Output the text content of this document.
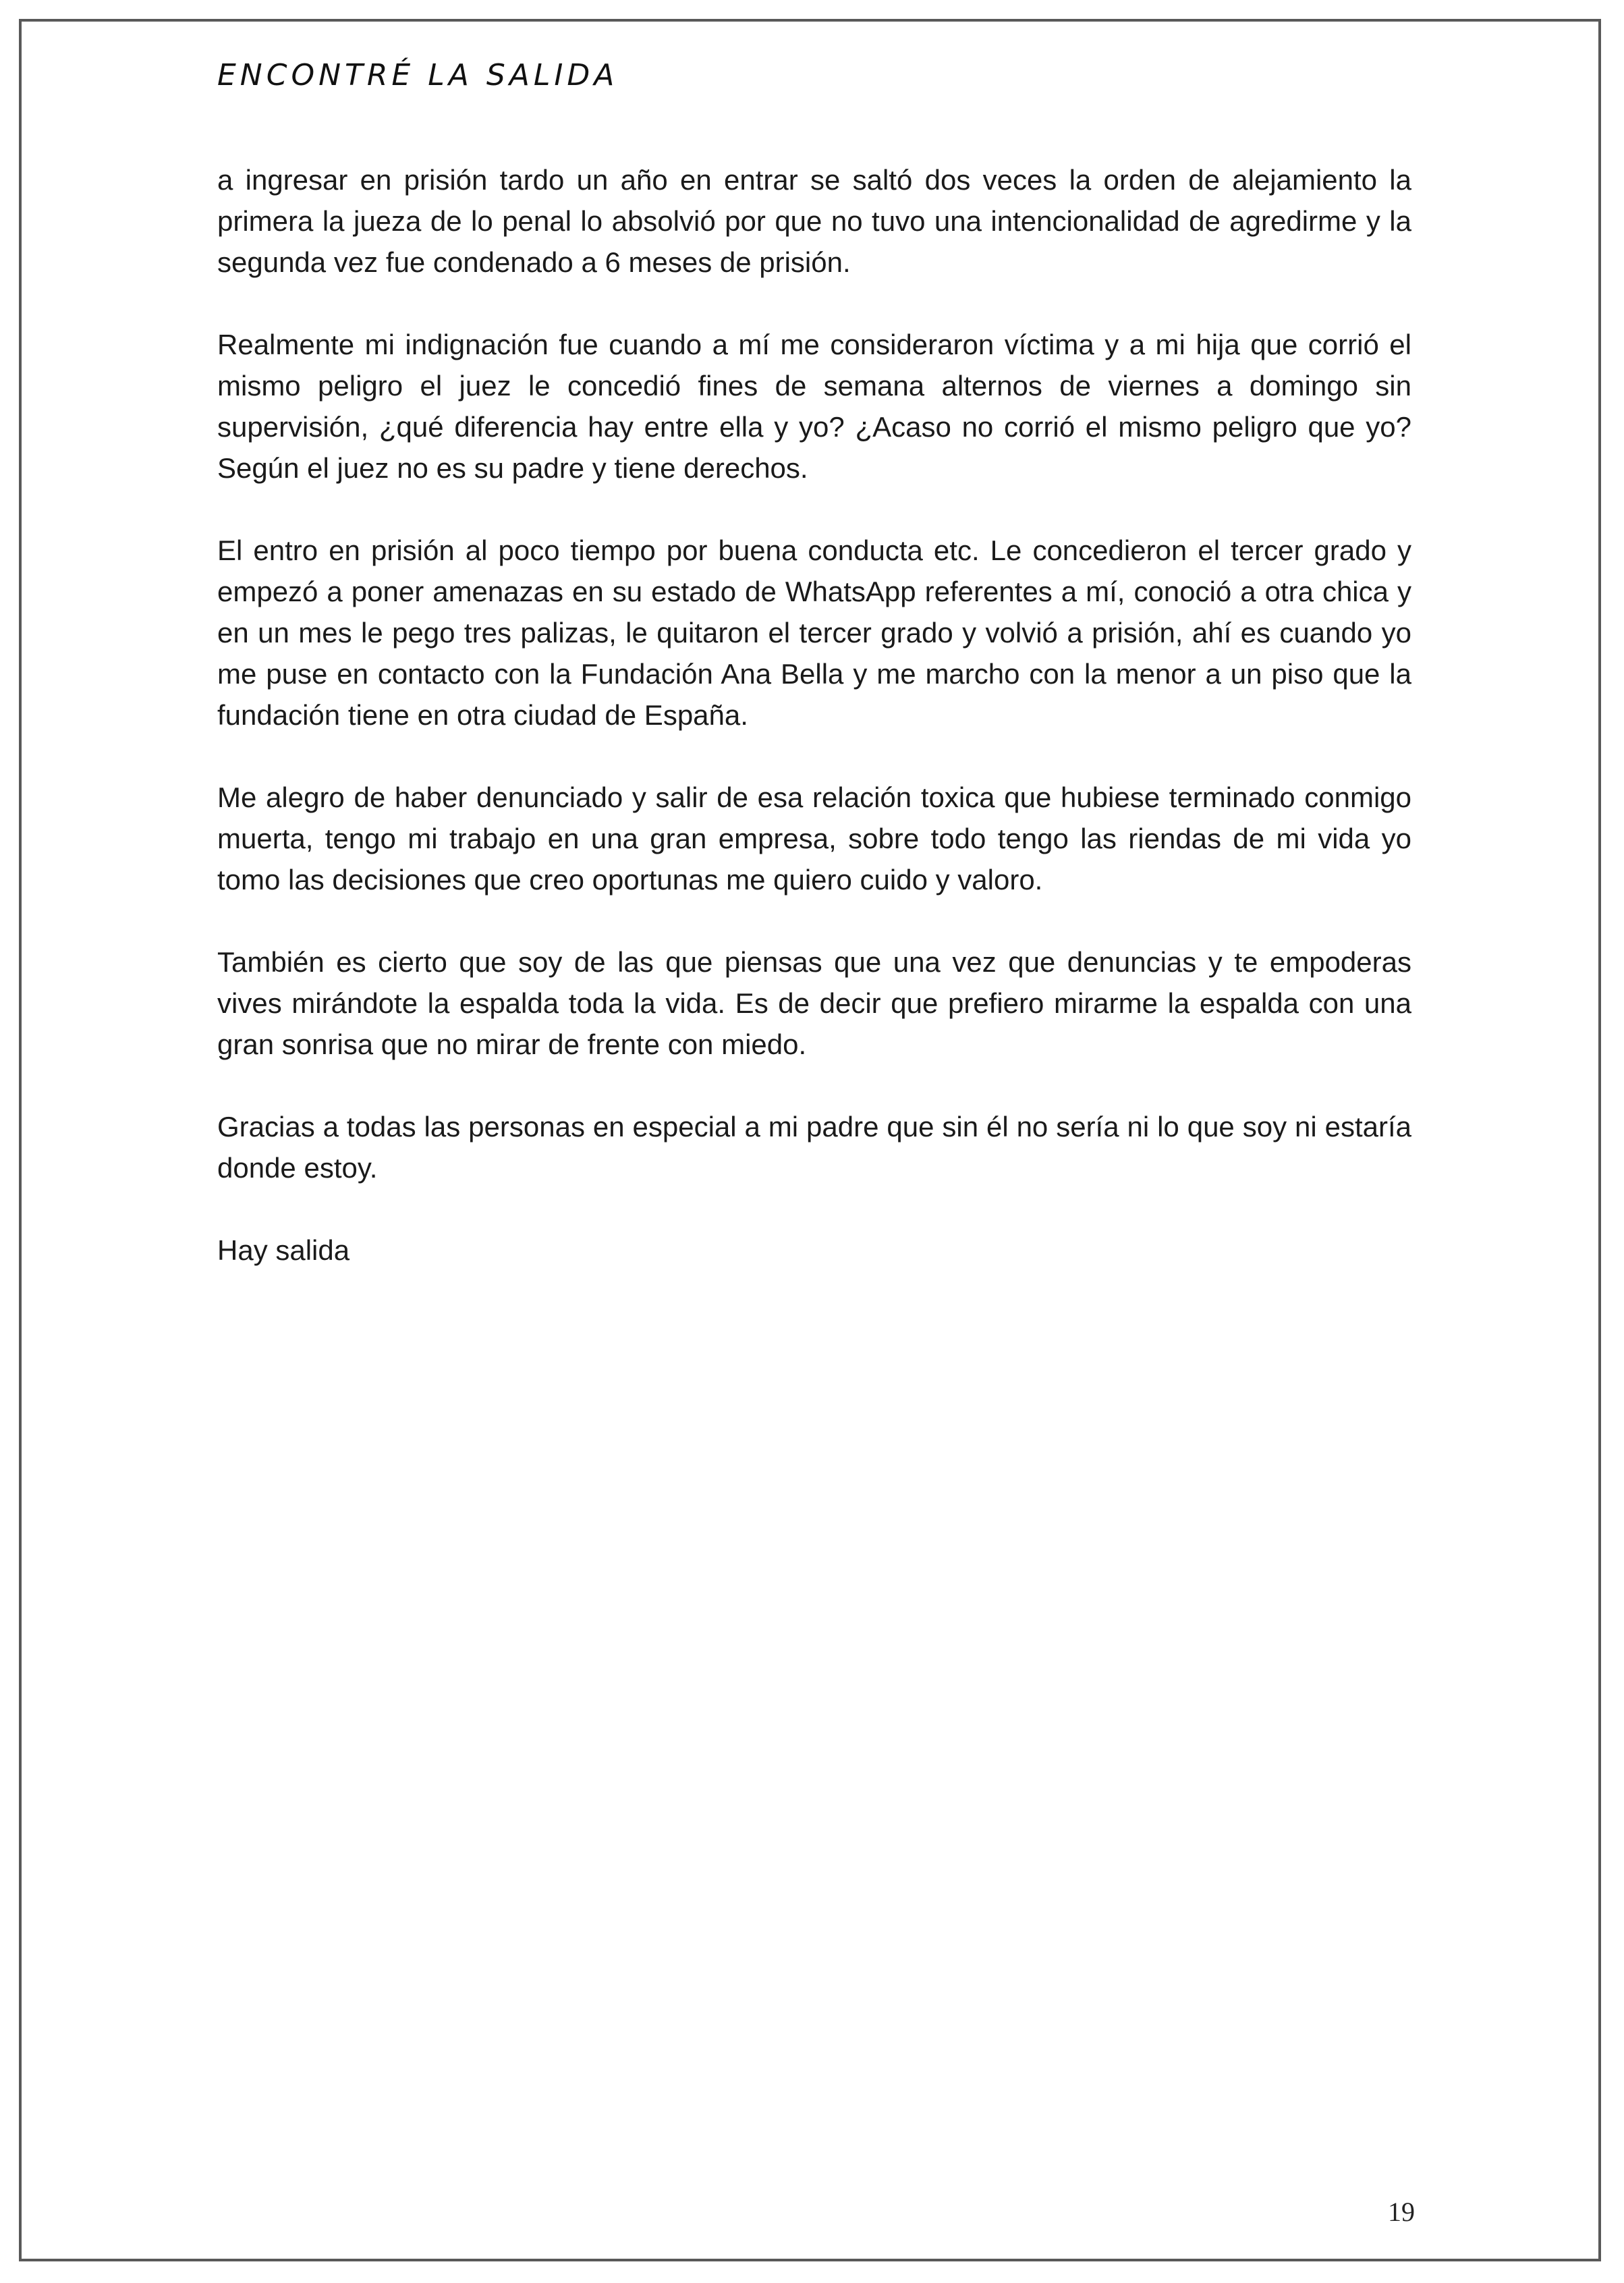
ENCONTRÉ LA SALIDA

a ingresar en prisión tardo un año en entrar se saltó dos veces la orden de alejamiento la primera la jueza de lo penal lo absolvió por que no tuvo una intencionalidad de agredirme y la segunda vez fue condenado a 6 meses de prisión.

Realmente mi indignación fue cuando a mí me consideraron víctima y a mi hija que corrió el mismo peligro el juez le concedió fines de semana alternos de viernes a domingo sin supervisión, ¿qué diferencia hay entre ella y yo? ¿Acaso no corrió el mismo peligro que yo? Según el juez no es su padre y tiene derechos.

El entro en prisión al poco tiempo por buena conducta etc. Le concedieron el tercer grado y empezó a poner amenazas en su estado de WhatsApp referentes a mí, conoció a otra chica y en un mes le pego tres palizas, le quitaron el tercer grado y volvió a prisión, ahí es cuando yo me puse en contacto con la Fundación Ana Bella y me marcho con la menor a un piso que la fundación tiene en otra ciudad de España.

Me alegro de haber denunciado y salir de esa relación toxica que hubiese terminado conmigo muerta, tengo mi trabajo en una gran empresa, sobre todo tengo las riendas de mi vida yo tomo las decisiones que creo oportunas me quiero cuido y valoro.

También es cierto que soy de las que piensas que una vez que denuncias y te empoderas vives mirándote la espalda toda la vida. Es de decir que prefiero mirarme la espalda con una gran sonrisa que no mirar de frente con miedo.

Gracias a todas las personas en especial a mi padre que sin él no sería ni lo que soy ni estaría donde estoy.

Hay salida

19
